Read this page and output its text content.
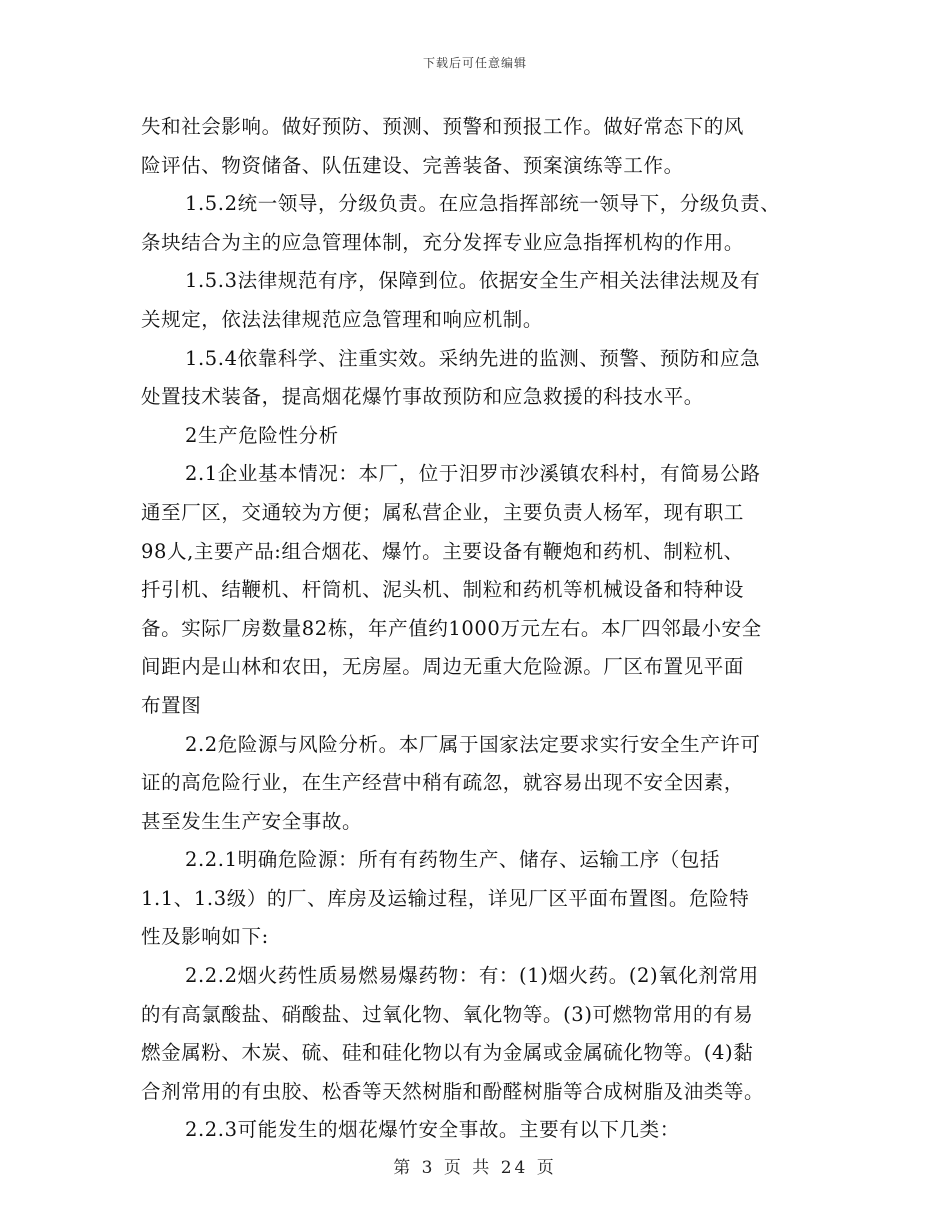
下载后可任意编辑
失和社会影响。做好预防、预测、预警和预报工作。做好常态下的风
险评估、物资储备、队伍建设、完善装备、预案演练等工作。
1.5.2统一领导，分级负责。在应急指挥部统一领导下，分级负责、
条块结合为主的应急管理体制，充分发挥专业应急指挥机构的作用。
1.5.3法律规范有序，保障到位。依据安全生产相关法律法规及有
关规定，依法法律规范应急管理和响应机制。
1.5.4依靠科学、注重实效。采纳先进的监测、预警、预防和应急
处置技术装备，提高烟花爆竹事故预防和应急救援的科技水平。
2生产危险性分析
2.1企业基本情况：本厂，位于汨罗市沙溪镇农科村，有简易公路
通至厂区，交通较为方便；属私营企业，主要负责人杨军，现有职工
98人,主要产品:组合烟花、爆竹。主要设备有鞭炮和药机、制粒机、
扦引机、结鞭机、杆筒机、泥头机、制粒和药机等机械设备和特种设
备。实际厂房数量82栋，年产值约1000万元左右。本厂四邻最小安全
间距内是山林和农田，无房屋。周边无重大危险源。厂区布置见平面
布置图
2.2危险源与风险分析。本厂属于国家法定要求实行安全生产许可
证的高危险行业，在生产经营中稍有疏忽，就容易出现不安全因素，
甚至发生生产安全事故。
2.2.1明确危险源：所有有药物生产、储存、运输工序（包括
1.1、1.3级）的厂、库房及运输过程，详见厂区平面布置图。危险特
性及影响如下:
2.2.2烟火药性质易燃易爆药物：有：(1)烟火药。(2)氧化剂常用
的有高氯酸盐、硝酸盐、过氧化物、氧化物等。(3)可燃物常用的有易
燃金属粉、木炭、硫、硅和硅化物以有为金属或金属硫化物等。(4)黏
合剂常用的有虫胶、松香等天然树脂和酚醛树脂等合成树脂及油类等。
2.2.3可能发生的烟花爆竹安全事故。主要有以下几类：
第 3 页 共 24 页
